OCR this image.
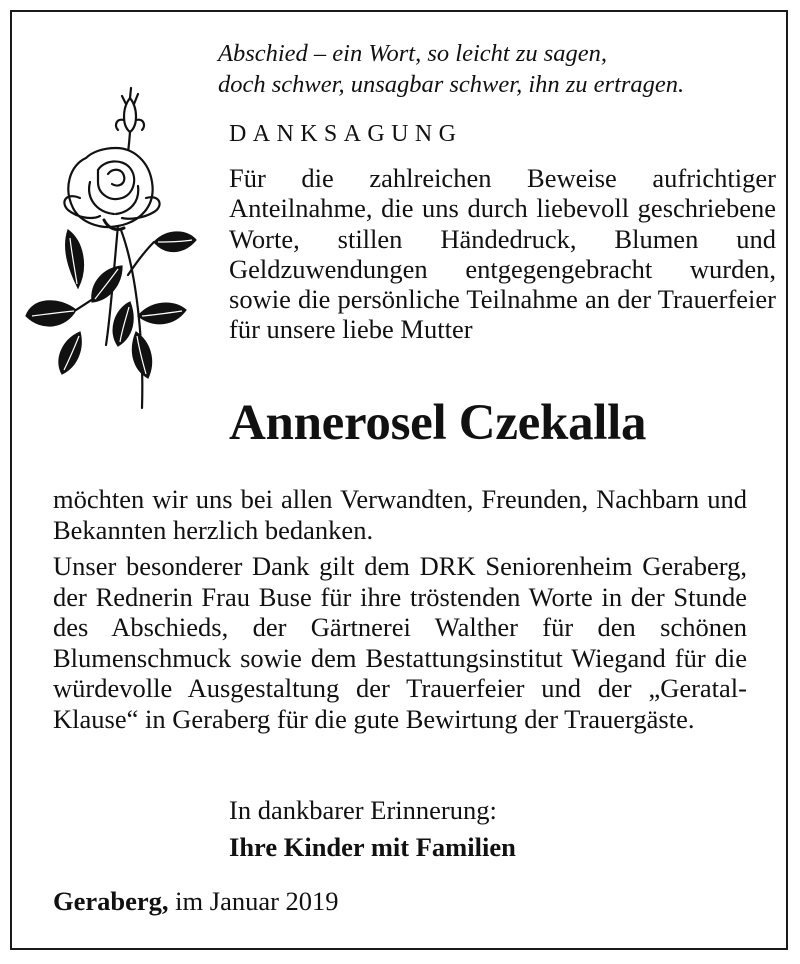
Abschied – ein Wort, so leicht zu sagen,
doch schwer, unsagbar schwer, ihn zu ertragen.
DANKSAGUNG
Für die zahlreichen Beweise aufrichtiger Anteilnahme, die uns durch liebevoll geschriebene Worte, stillen Händedruck, Blumen und Geldzuwendungen entgegengebracht wurden, sowie die persönliche Teilnahme an der Trauerfeier für unsere liebe Mutter
Annerosel Czekalla
möchten wir uns bei allen Verwandten, Freunden, Nachbarn und Bekannten herzlich bedanken.
Unser besonderer Dank gilt dem DRK Seniorenheim Geraberg, der Rednerin Frau Buse für ihre tröstenden Worte in der Stunde des Abschieds, der Gärtnerei Walther für den schönen Blumenschmuck sowie dem Bestattungsinstitut Wiegand für die würdevolle Ausgestaltung der Trauerfeier und der „Geratal-Klause“ in Geraberg für die gute Bewirtung der Trauergäste.
In dankbarer Erinnerung:
Ihre Kinder mit Familien
Geraberg, im Januar 2019
